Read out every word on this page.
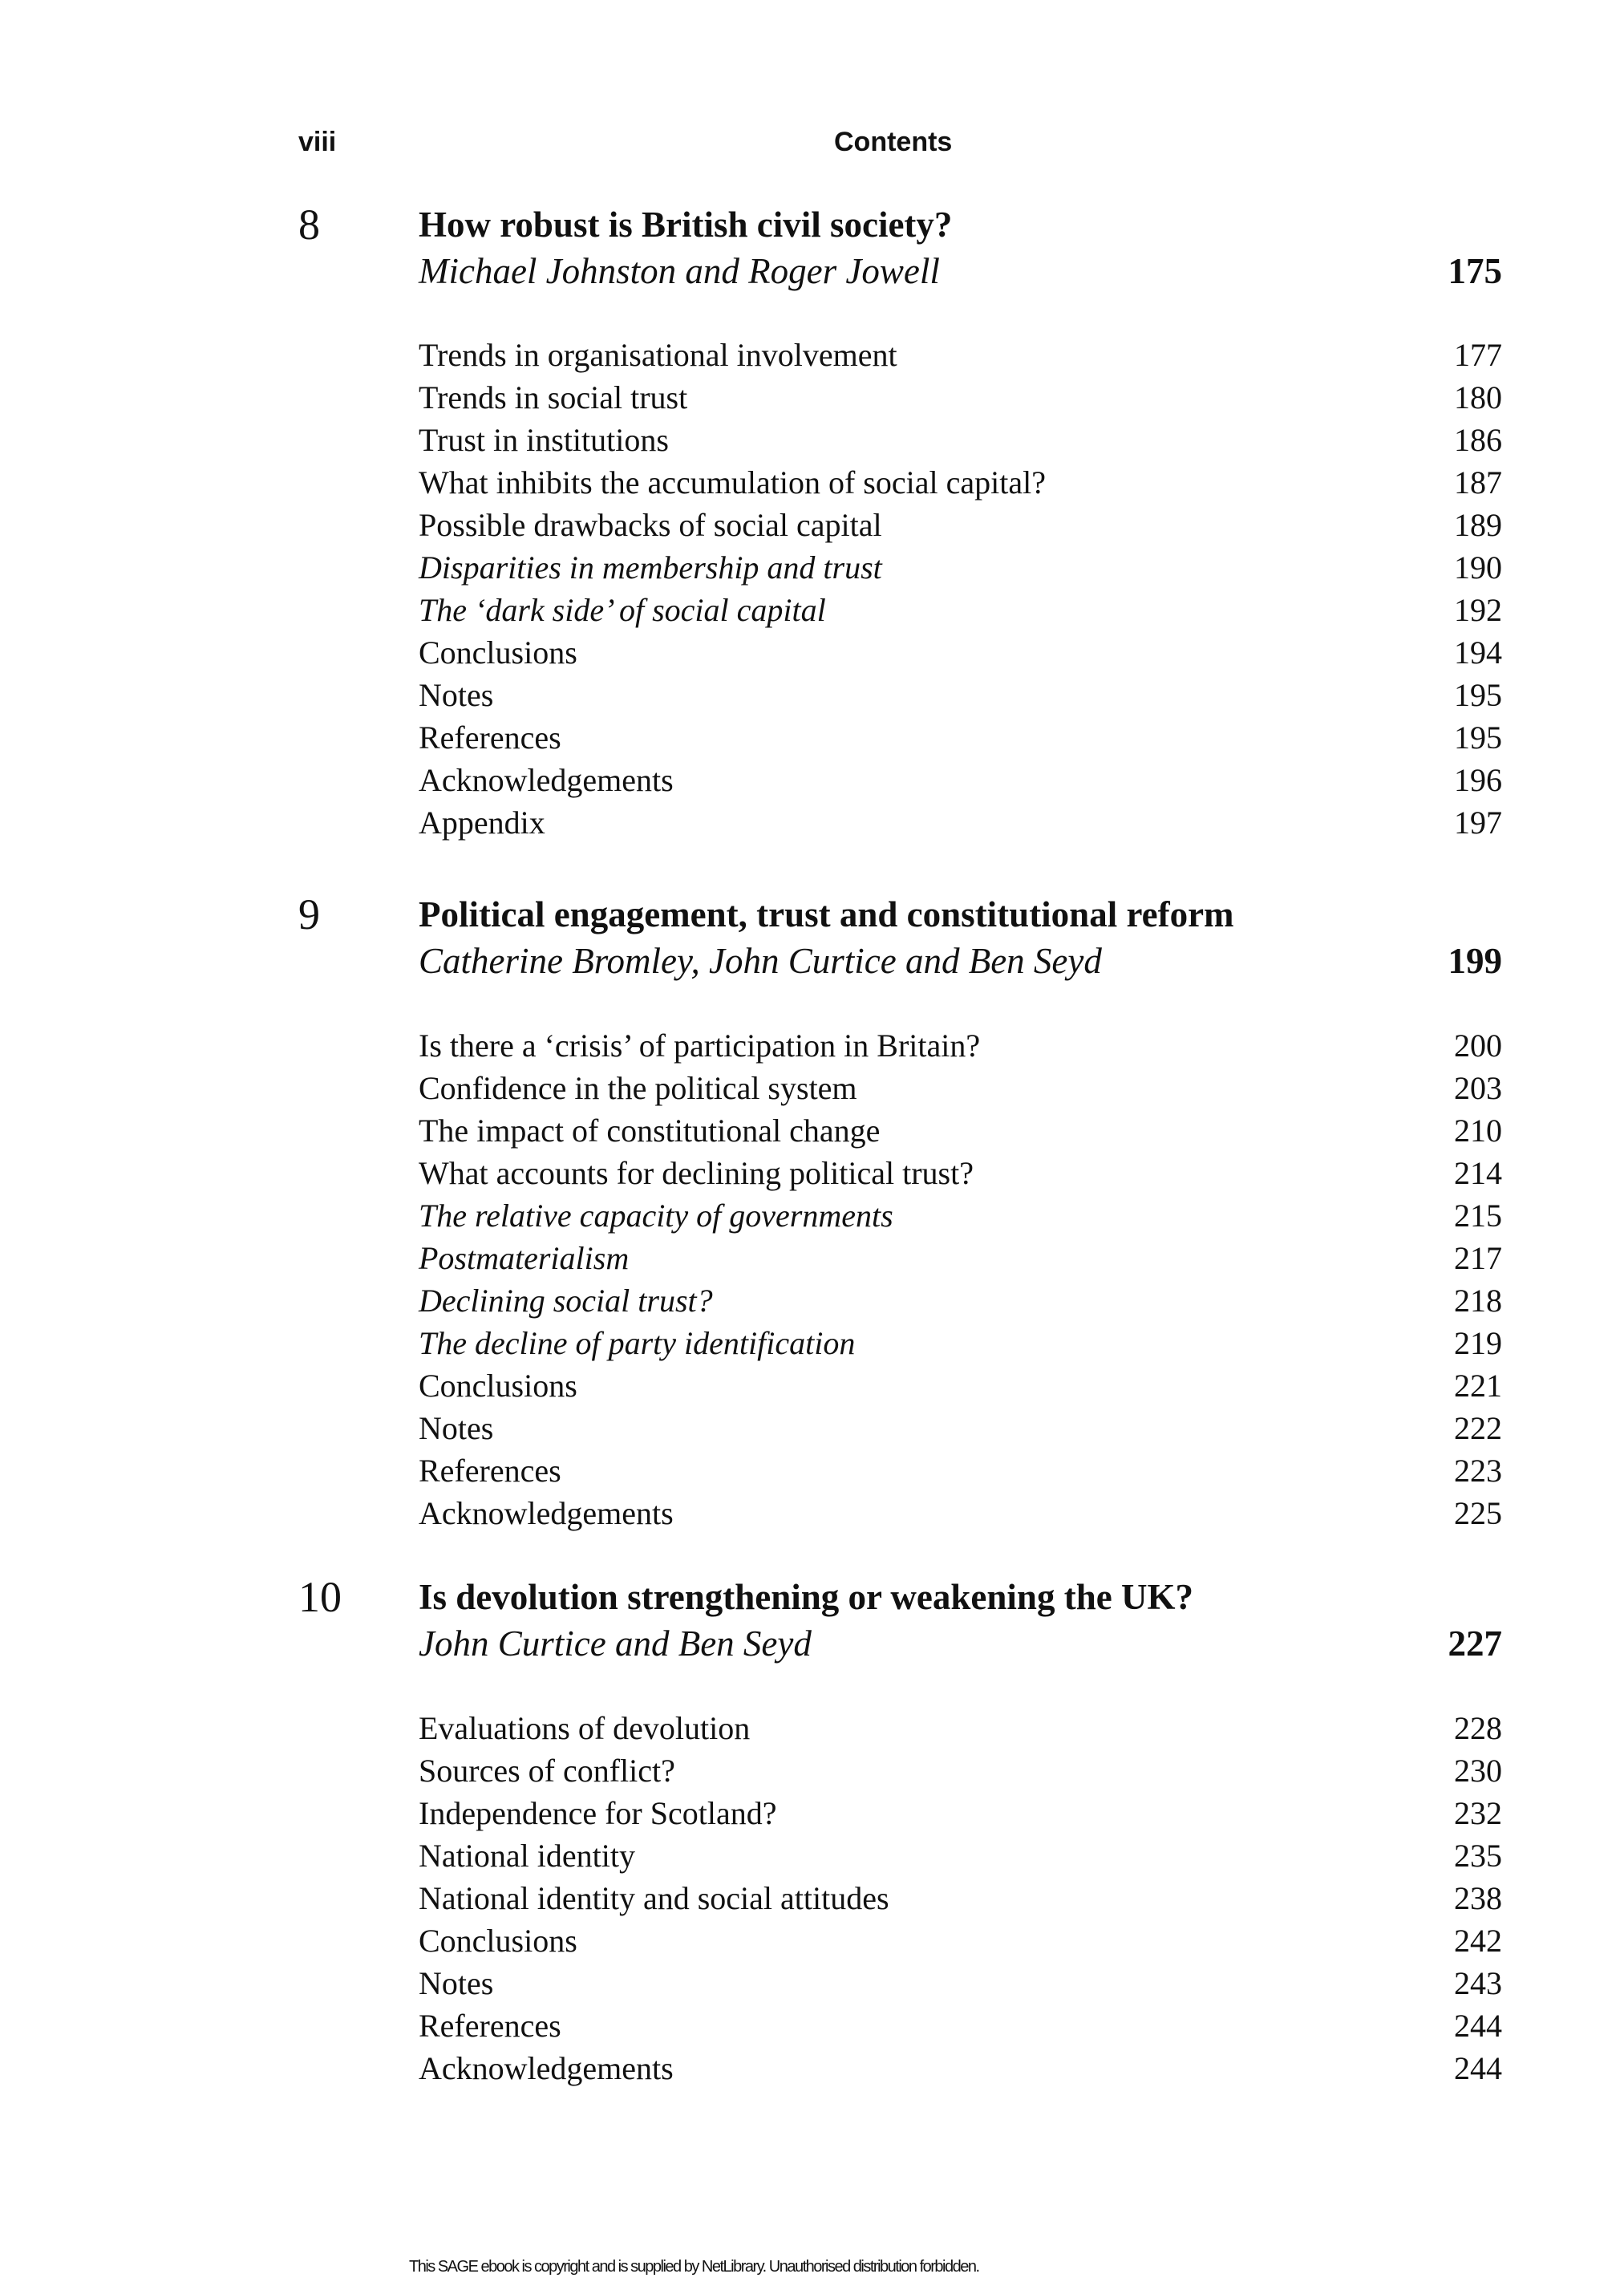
viii	Contents
8	How robust is British civil society?
Michael Johnston and Roger Jowell	175
Trends in organisational involvement	177
Trends in social trust	180
Trust in institutions	186
What inhibits the accumulation of social capital?	187
Possible drawbacks of social capital	189
Disparities in membership and trust	190
The ‘dark side’ of social capital	192
Conclusions	194
Notes	195
References	195
Acknowledgements	196
Appendix	197
9	Political engagement, trust and constitutional reform
Catherine Bromley, John Curtice and Ben Seyd	199
Is there a ‘crisis’ of participation in Britain?	200
Confidence in the political system	203
The impact of constitutional change	210
What accounts for declining political trust?	214
The relative capacity of governments	215
Postmaterialism	217
Declining social trust?	218
The decline of party identification	219
Conclusions	221
Notes	222
References	223
Acknowledgements	225
10 Is devolution strengthening or weakening the UK?
John Curtice and Ben Seyd	227
Evaluations of devolution	228
Sources of conflict?	230
Independence for Scotland?	232
National identity	235
National identity and social attitudes	238
Conclusions	242
Notes	243
References	244
Acknowledgements	244
This SAGE ebook is copyright and is supplied by NetLibrary. Unauthorised distribution forbidden.
